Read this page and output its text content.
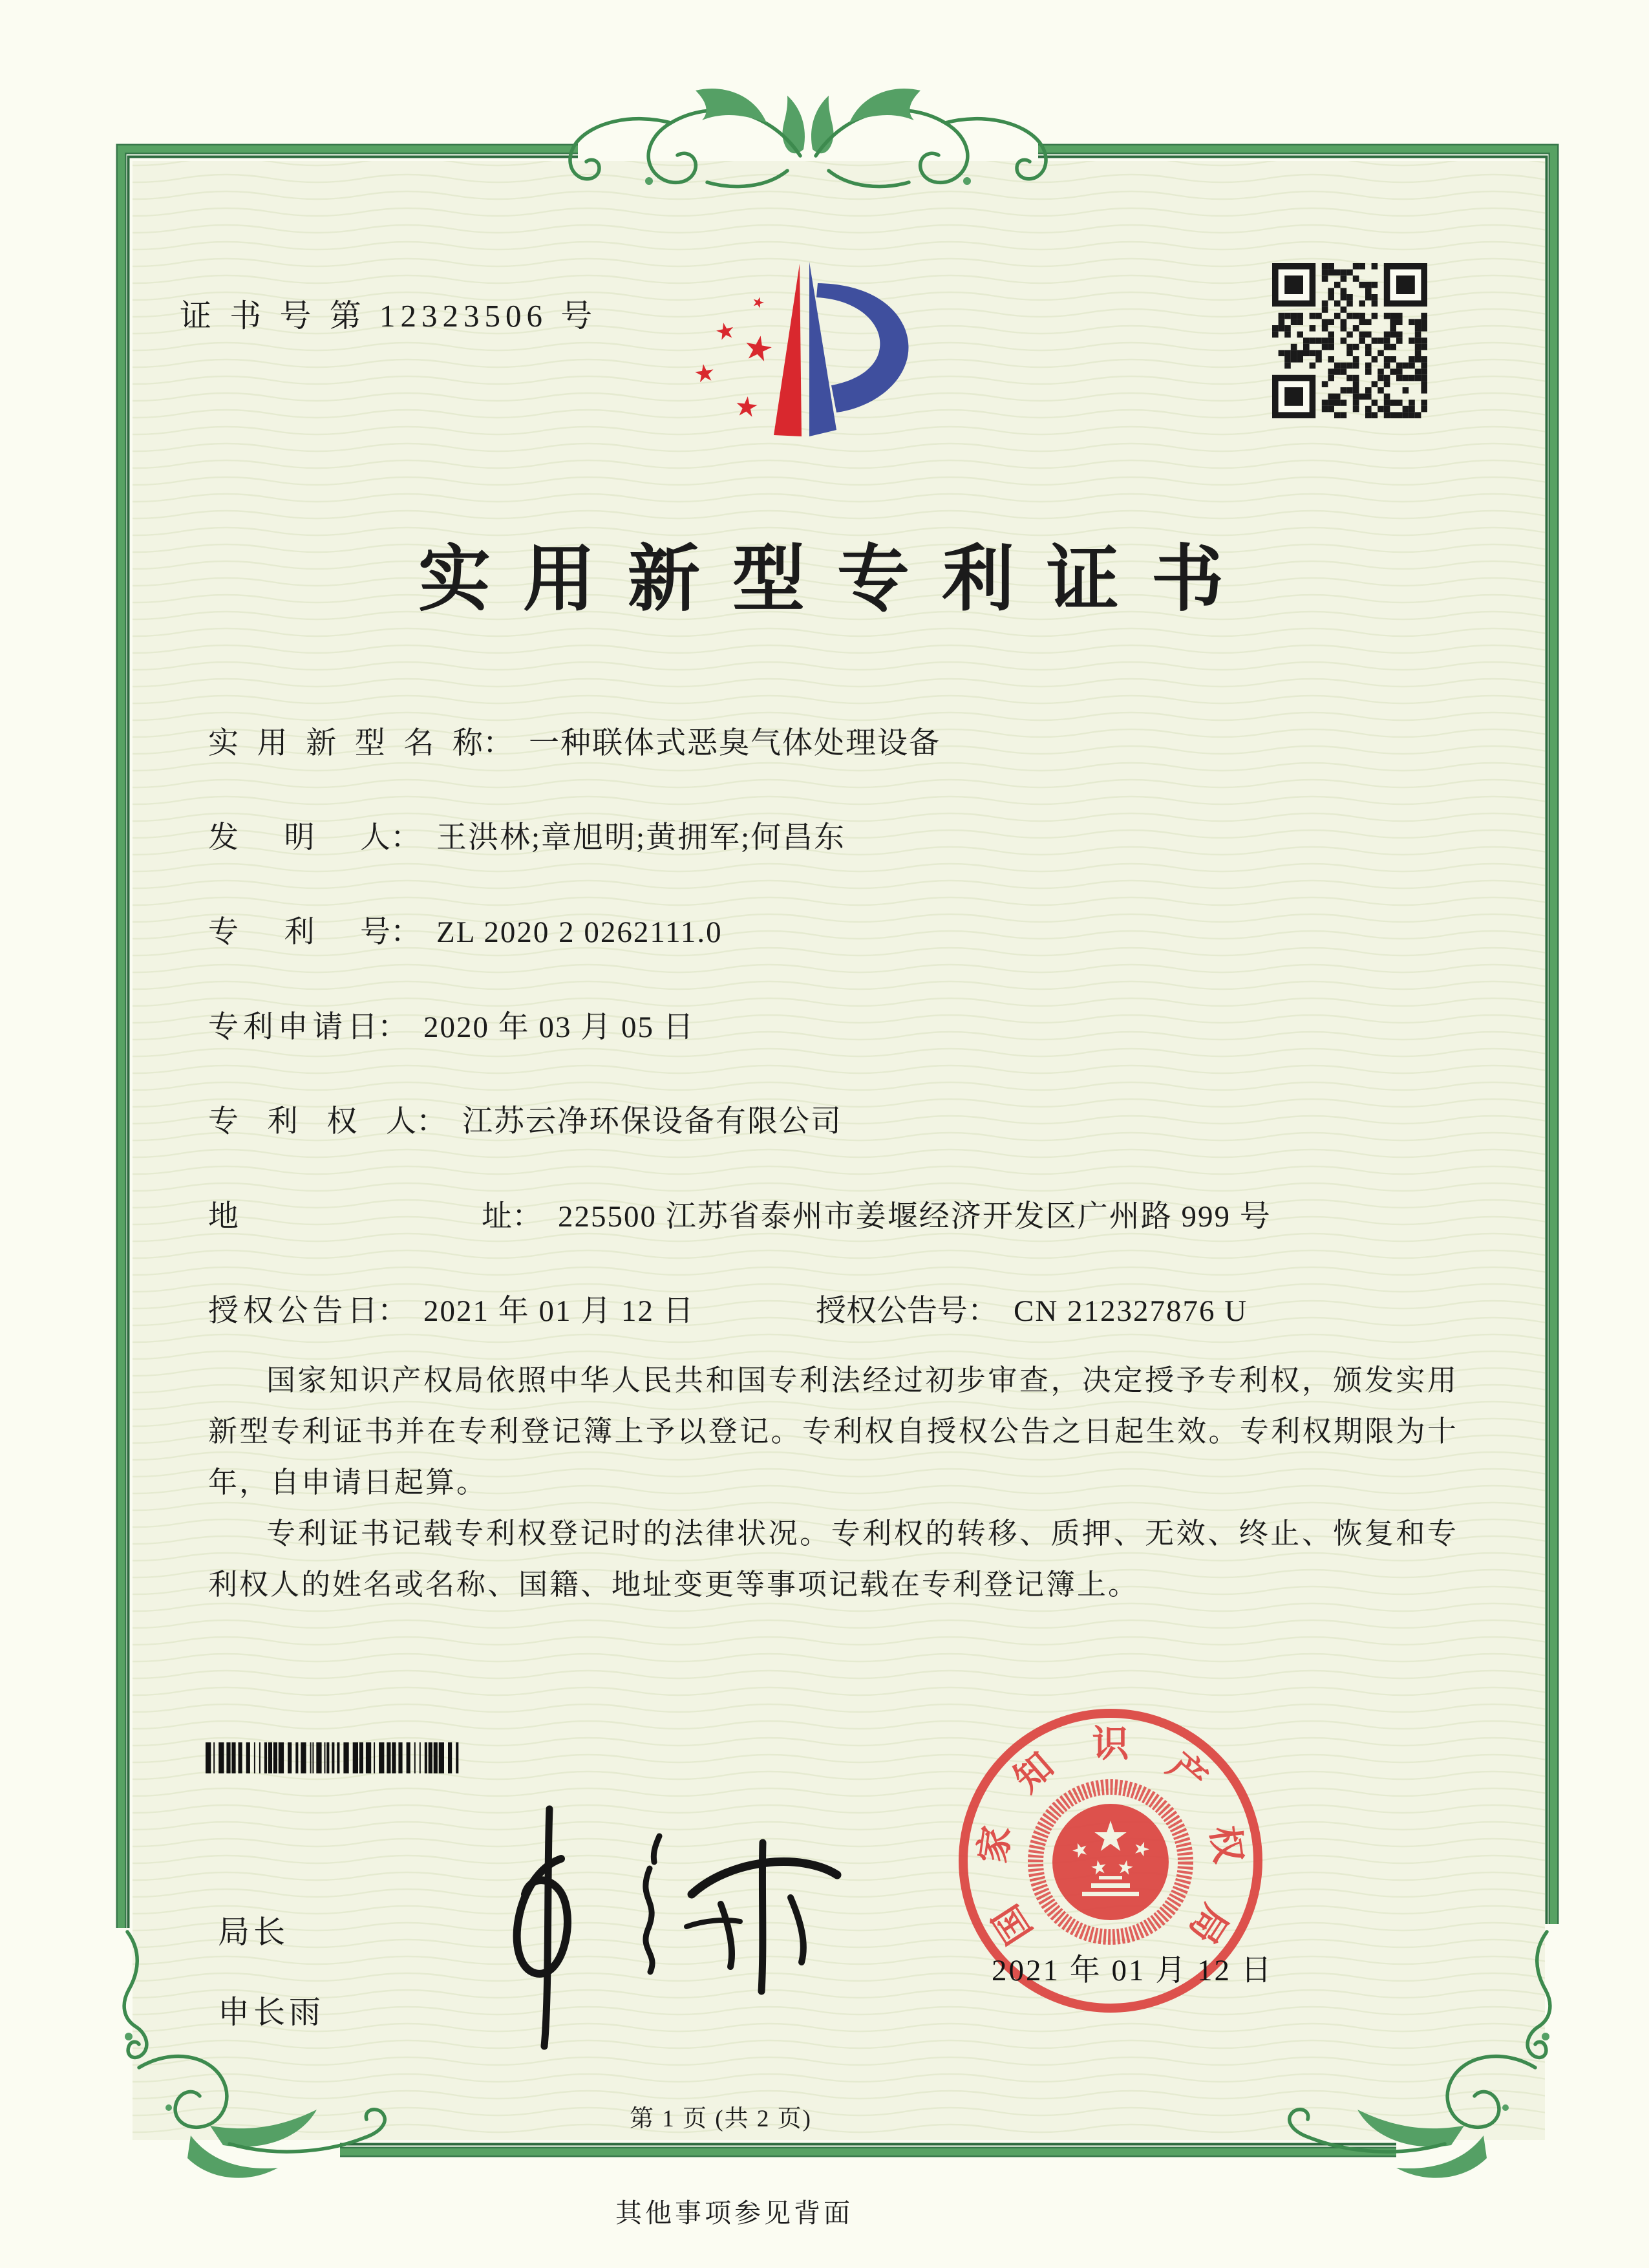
证 书 号 第 12323506 号
实用新型专利证书
实用新型名称： 一种联体式恶臭气体处理设备
发明人： 王洪林;章旭明;黄拥军;何昌东
专利号： ZL 2020 2 0262111.0
专利申请日： 2020 年 03 月 05 日
专利权人： 江苏云净环保设备有限公司
地址： 225500 江苏省泰州市姜堰经济开发区广州路 999 号
授权公告日： 2021 年 01 月 12 日	授权公告号： CN 212327876 U

国家知识产权局依照中华人民共和国专利法经过初步审查，决定授予专利权，颁发实用新型专利证书并在专利登记簿上予以登记。专利权自授权公告之日起生效。专利权期限为十年，自申请日起算。

专利证书记载专利权登记时的法律状况。专利权的转移、质押、无效、终止、恢复和专利权人的姓名或名称、国籍、地址变更等事项记载在专利登记簿上。

局长
申长雨
国
家
知
识
产
权
局
2021 年 01 月 12 日
第 1 页 (共 2 页)
其他事项参见背面
